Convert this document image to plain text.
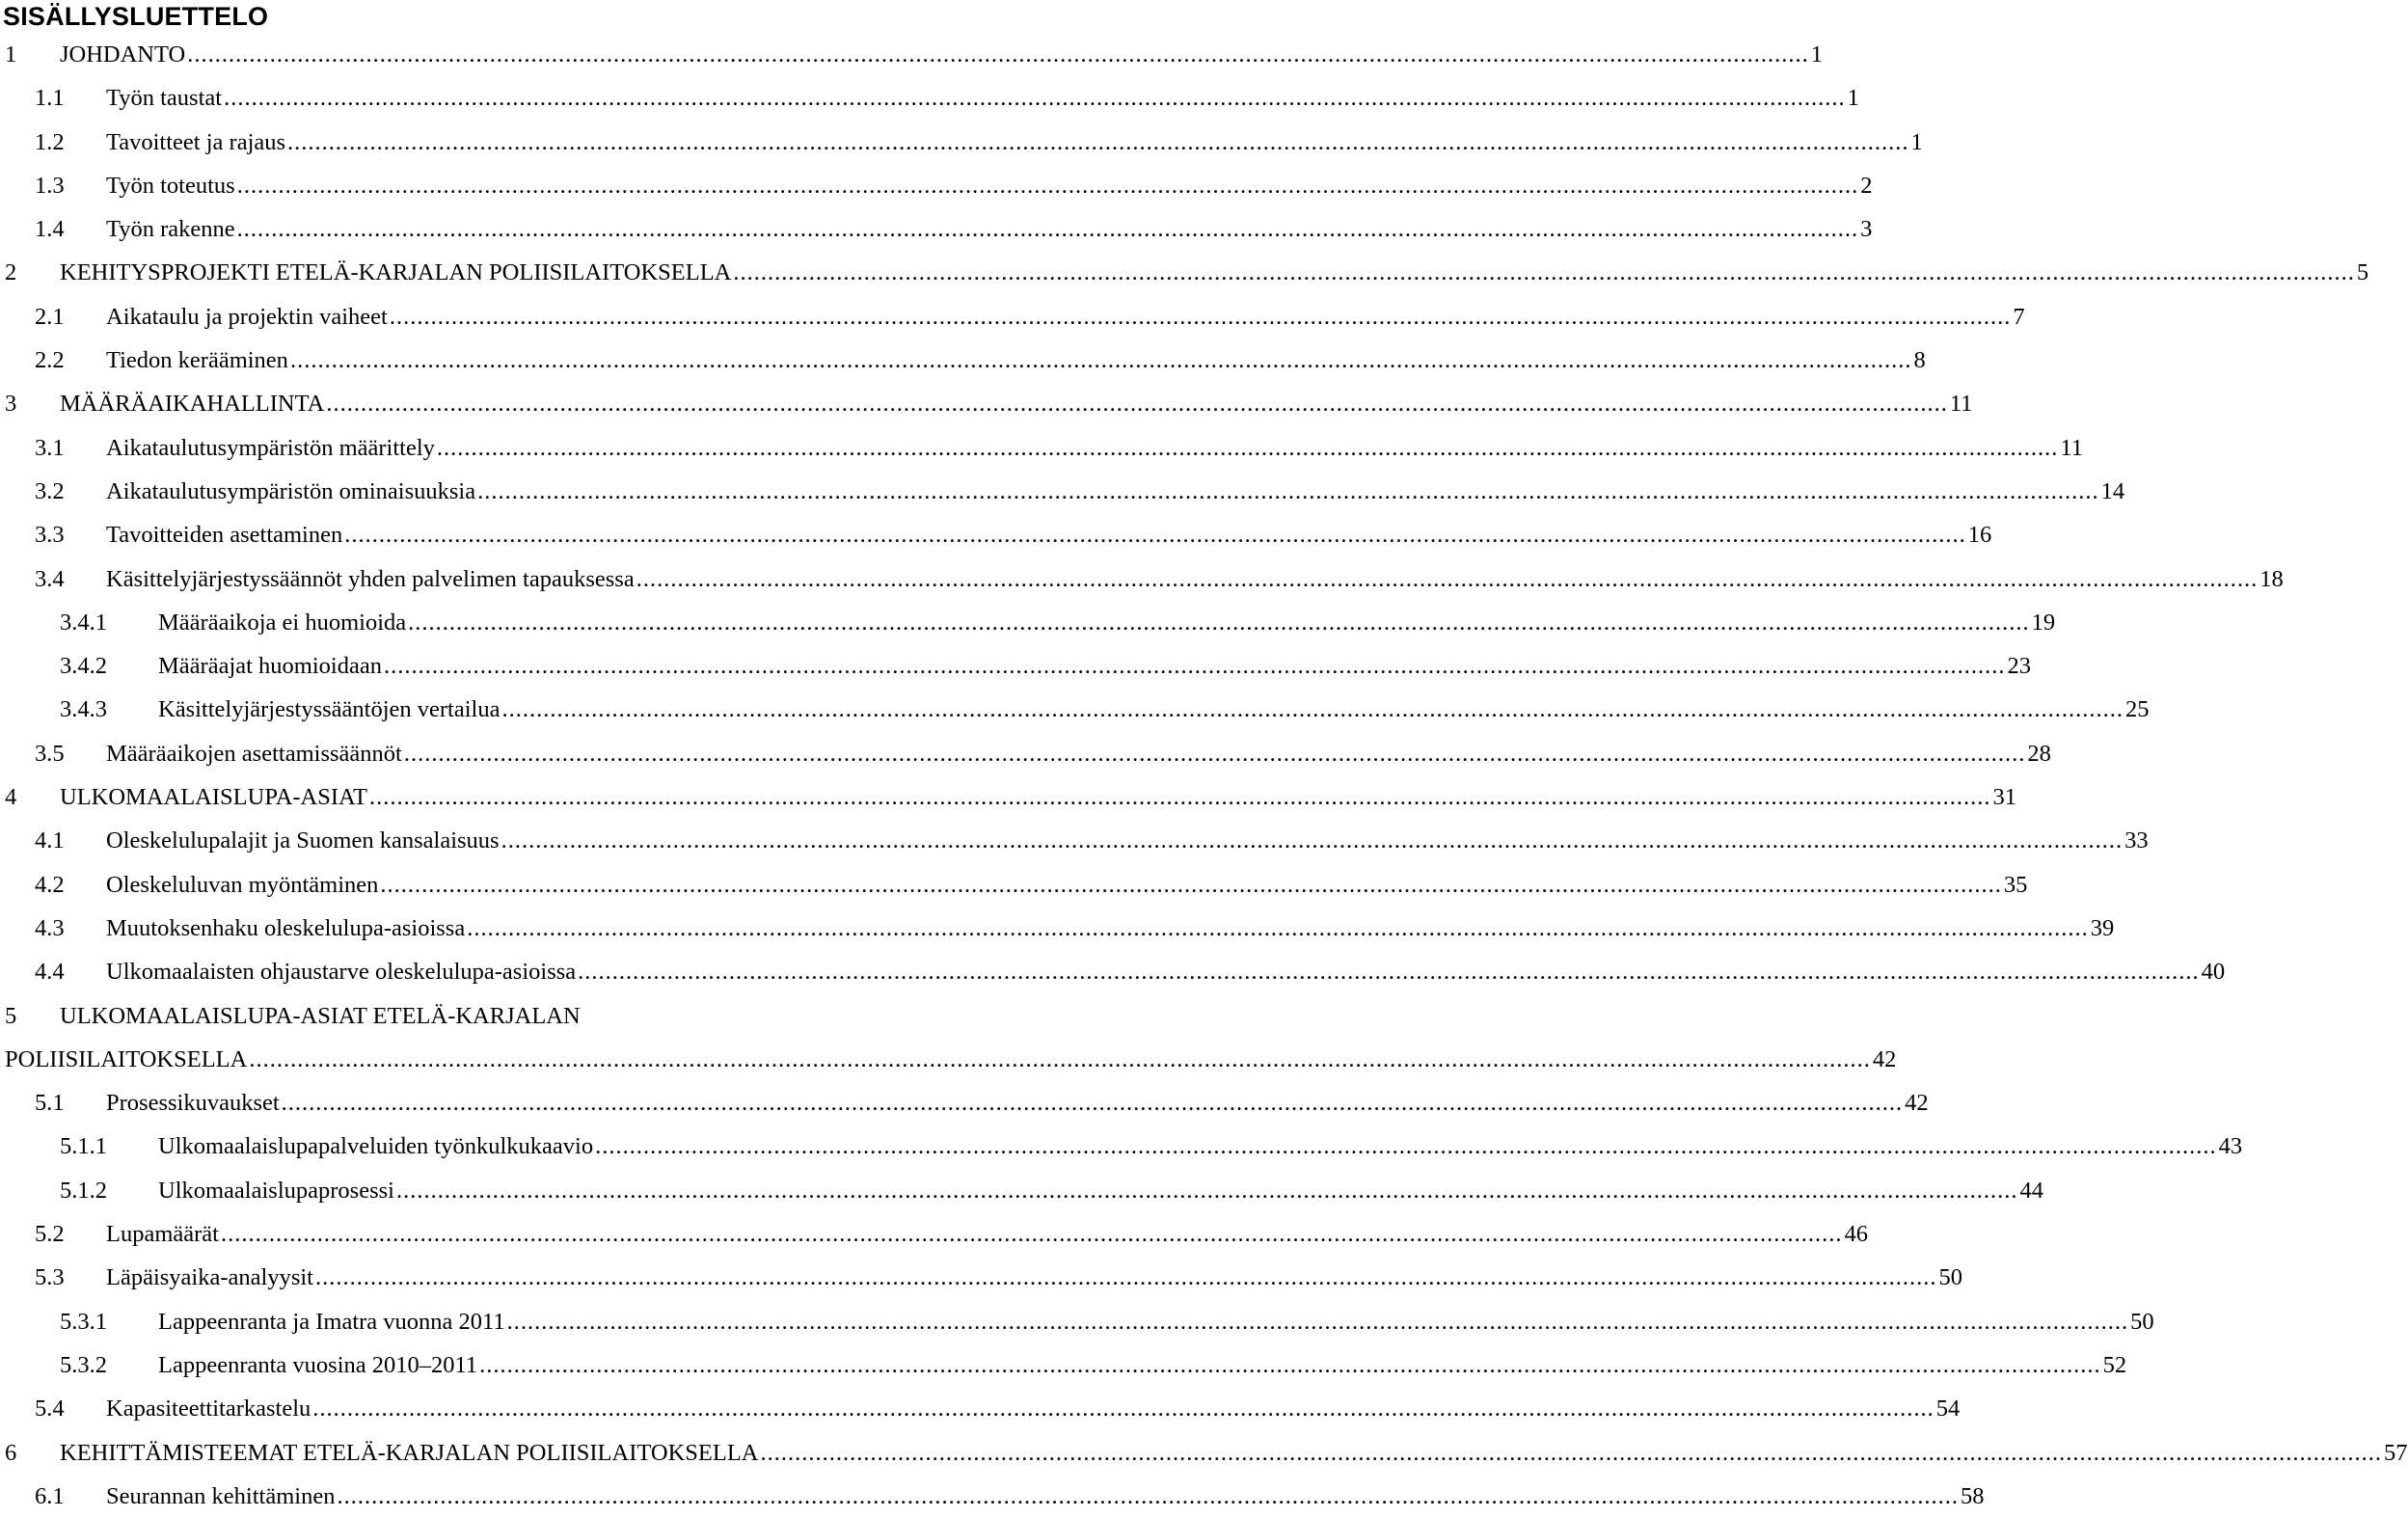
SISÄLLYSLUETTELO
1 JOHDANTO ............................................................................................................................................................................................................................................ 1
1.1 Työn taustat ............................................................................................................................................................................................................................................ 1
1.2 Tavoitteet ja rajaus ............................................................................................................................................................................................................................................ 1
1.3 Työn toteutus ............................................................................................................................................................................................................................................ 2
1.4 Työn rakenne ............................................................................................................................................................................................................................................ 3
2 KEHITYSPROJEKTI ETELÄ-KARJALAN POLIISILAITOKSELLA ............................................................................................................................................................................................................................................ 5
2.1 Aikataulu ja projektin vaiheet ............................................................................................................................................................................................................................................ 7
2.2 Tiedon kerääminen ............................................................................................................................................................................................................................................ 8
3 MÄÄRÄAIKAHALLINTA ............................................................................................................................................................................................................................................ 11
3.1 Aikataulutusympäristön määrittely ............................................................................................................................................................................................................................................ 11
3.2 Aikataulutusympäristön ominaisuuksia ............................................................................................................................................................................................................................................ 14
3.3 Tavoitteiden asettaminen ............................................................................................................................................................................................................................................ 16
3.4 Käsittelyjärjestyssäännöt yhden palvelimen tapauksessa ............................................................................................................................................................................................................................................ 18
3.4.1 Määräaikoja ei huomioida ............................................................................................................................................................................................................................................ 19
3.4.2 Määräajat huomioidaan ............................................................................................................................................................................................................................................ 23
3.4.3 Käsittelyjärjestyssääntöjen vertailua ............................................................................................................................................................................................................................................ 25
3.5 Määräaikojen asettamissäännöt ............................................................................................................................................................................................................................................ 28
4 ULKOMAALAISLUPA-ASIAT ............................................................................................................................................................................................................................................ 31
4.1 Oleskelulupalajit ja Suomen kansalaisuus ............................................................................................................................................................................................................................................ 33
4.2 Oleskeluluvan myöntäminen ............................................................................................................................................................................................................................................ 35
4.3 Muutoksenhaku oleskelulupa-asioissa ............................................................................................................................................................................................................................................ 39
4.4 Ulkomaalaisten ohjaustarve oleskelulupa-asioissa ............................................................................................................................................................................................................................................ 40
5 ULKOMAALAISLUPA-ASIAT ETELÄ-KARJALAN
POLIISILAITOKSELLA ............................................................................................................................................................................................................................................ 42
5.1 Prosessikuvaukset ............................................................................................................................................................................................................................................ 42
5.1.1 Ulkomaalaislupapalveluiden työnkulkukaavio ............................................................................................................................................................................................................................................ 43
5.1.2 Ulkomaalaislupaprosessi ............................................................................................................................................................................................................................................ 44
5.2 Lupamäärät ............................................................................................................................................................................................................................................ 46
5.3 Läpäisyaika-analyysit ............................................................................................................................................................................................................................................ 50
5.3.1 Lappeenranta ja Imatra vuonna 2011 ............................................................................................................................................................................................................................................ 50
5.3.2 Lappeenranta vuosina 2010–2011 ............................................................................................................................................................................................................................................ 52
5.4 Kapasiteettitarkastelu ............................................................................................................................................................................................................................................ 54
6 KEHITTÄMISTEEMAT ETELÄ-KARJALAN POLIISILAITOKSELLA ............................................................................................................................................................................................................................................ 57
6.1 Seurannan kehittäminen ............................................................................................................................................................................................................................................ 58
